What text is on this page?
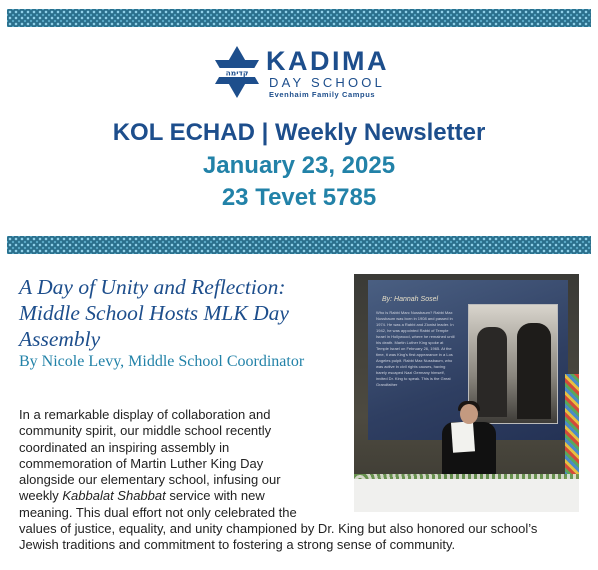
קדימה KADIMA
DAY SCHOOL
Evenhaim Family Campus
KOL ECHAD | Weekly Newsletter
January 23, 2025
23 Tevet 5785
A Day of Unity and Reflection: Middle School Hosts MLK Day Assembly
By Nicole Levy, Middle School Coordinator
By: Hannah Sosel
Who is Rabbi Marc Nussbaum? Rabbi Max Nussbaum was born in 1908 and passed in 1974. He was a Rabbi and Zionist leader. In 1942, he was appointed Rabbi of Temple Israel in Hollywood, where he remained until his death. Martin Luther King spoke at Temple Israel on February 26, 1965. At the time, it was King's first appearance in a Los Angeles pulpit. Rabbi Max Nussbaum, who was active in civil rights causes, having barely escaped Nazi Germany himself, invited Dr. King to speak. This is the Great Grandfather
In a remarkable display of collaboration and community spirit, our middle school recently coordinated an inspiring assembly in commemoration of Martin Luther King Day alongside our elementary school, infusing our weekly Kabbalat Shabbat service with new meaning. This dual effort not only celebrated the
values of justice, equality, and unity championed by Dr. King but also honored our school’s Jewish traditions and commitment to fostering a strong sense of community.
